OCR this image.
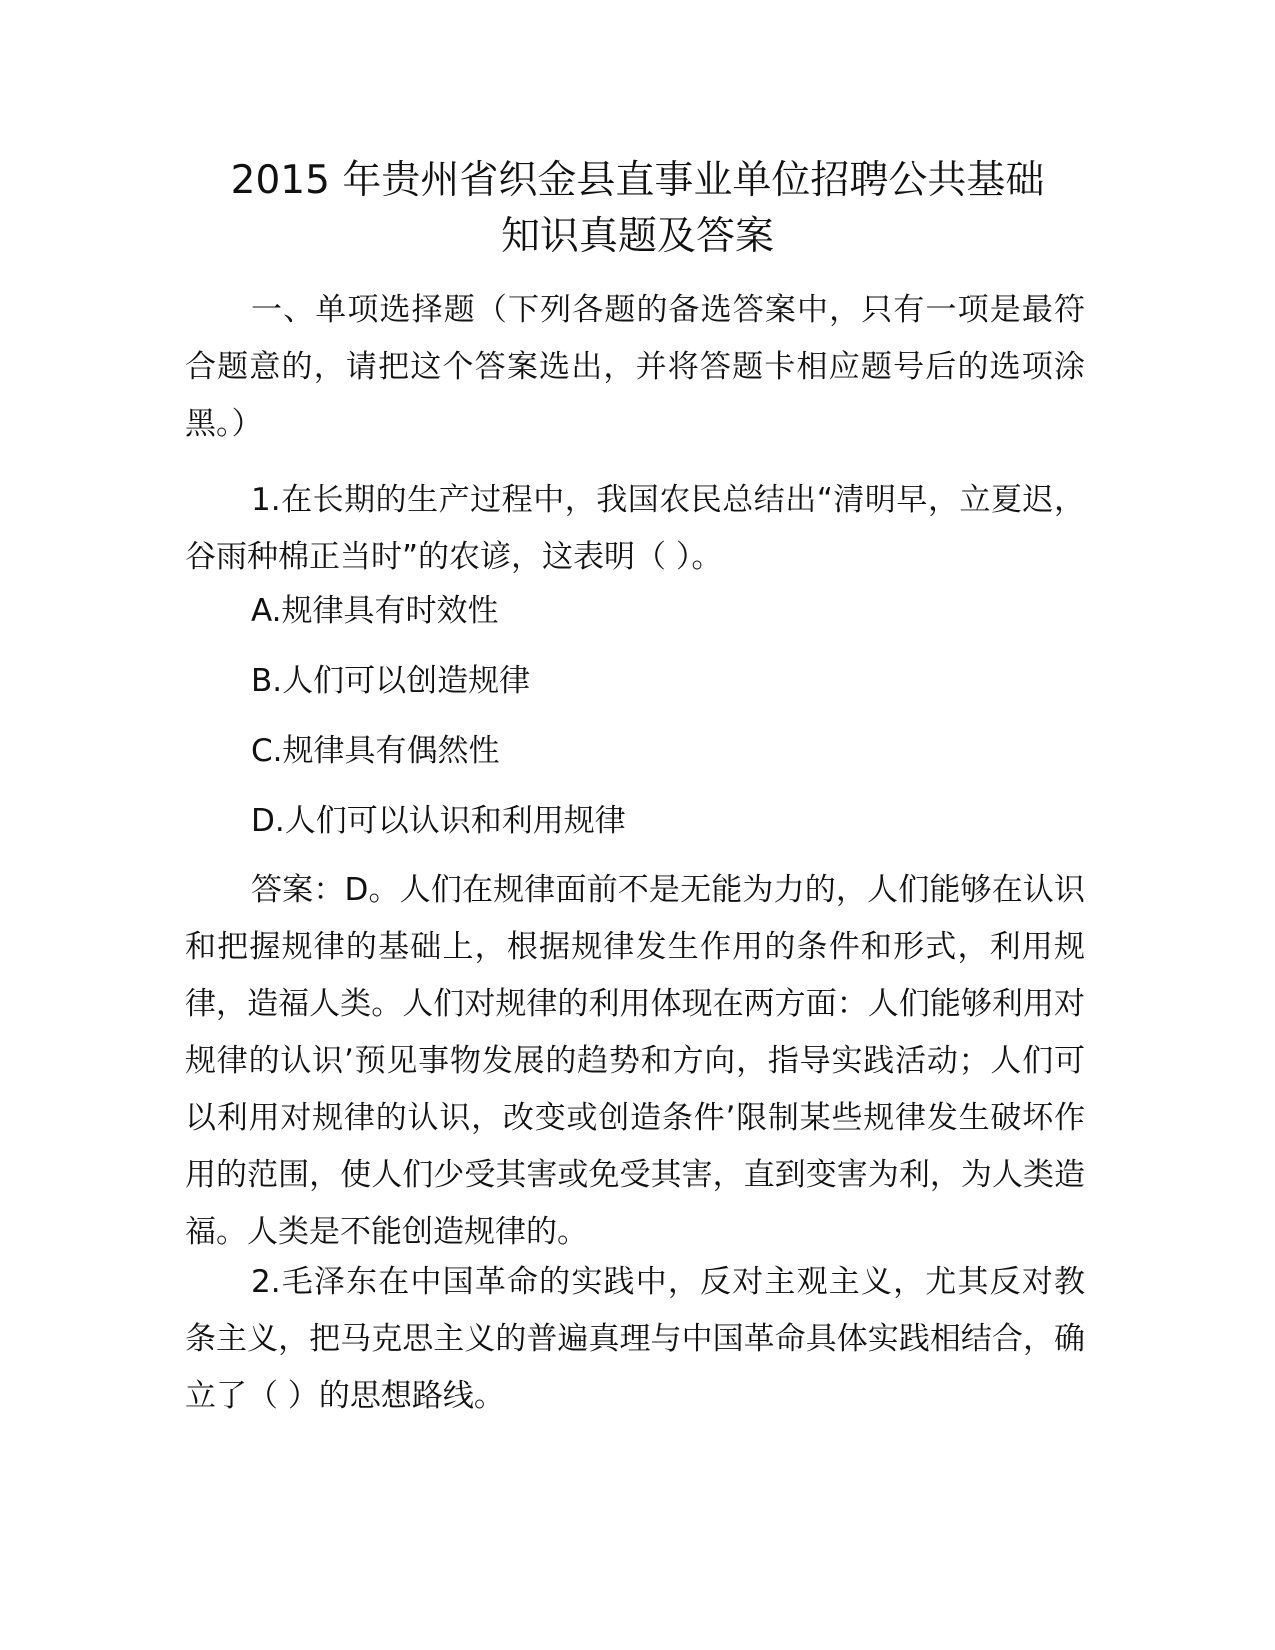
2015 年贵州省织金县直事业单位招聘公共基础
知识真题及答案

一、单项选择题（下列各题的备选答案中，只有一项是最符合题意的，请把这个答案选出，并将答题卡相应题号后的选项涂黑。）

1.在长期的生产过程中，我国农民总结出“清明早，立夏迟，谷雨种棉正当时”的农谚，这表明（ ）。

A.规律具有时效性

B.人们可以创造规律

C.规律具有偶然性

D.人们可以认识和利用规律

答案：D。人们在规律面前不是无能为力的，人们能够在认识和把握规律的基础上，根据规律发生作用的条件和形式，利用规律，造福人类。人们对规律的利用体现在两方面：人们能够利用对规律的认识’预见事物发展的趋势和方向，指导实践活动；人们可以利用对规律的认识，改变或创造条件’限制某些规律发生破坏作用的范围，使人们少受其害或免受其害，直到变害为利，为人类造福。人类是不能创造规律的。

2.毛泽东在中国革命的实践中，反对主观主义，尤其反对教条主义，把马克思主义的普遍真理与中国革命具体实践相结合，确立了（ ）的思想路线。
